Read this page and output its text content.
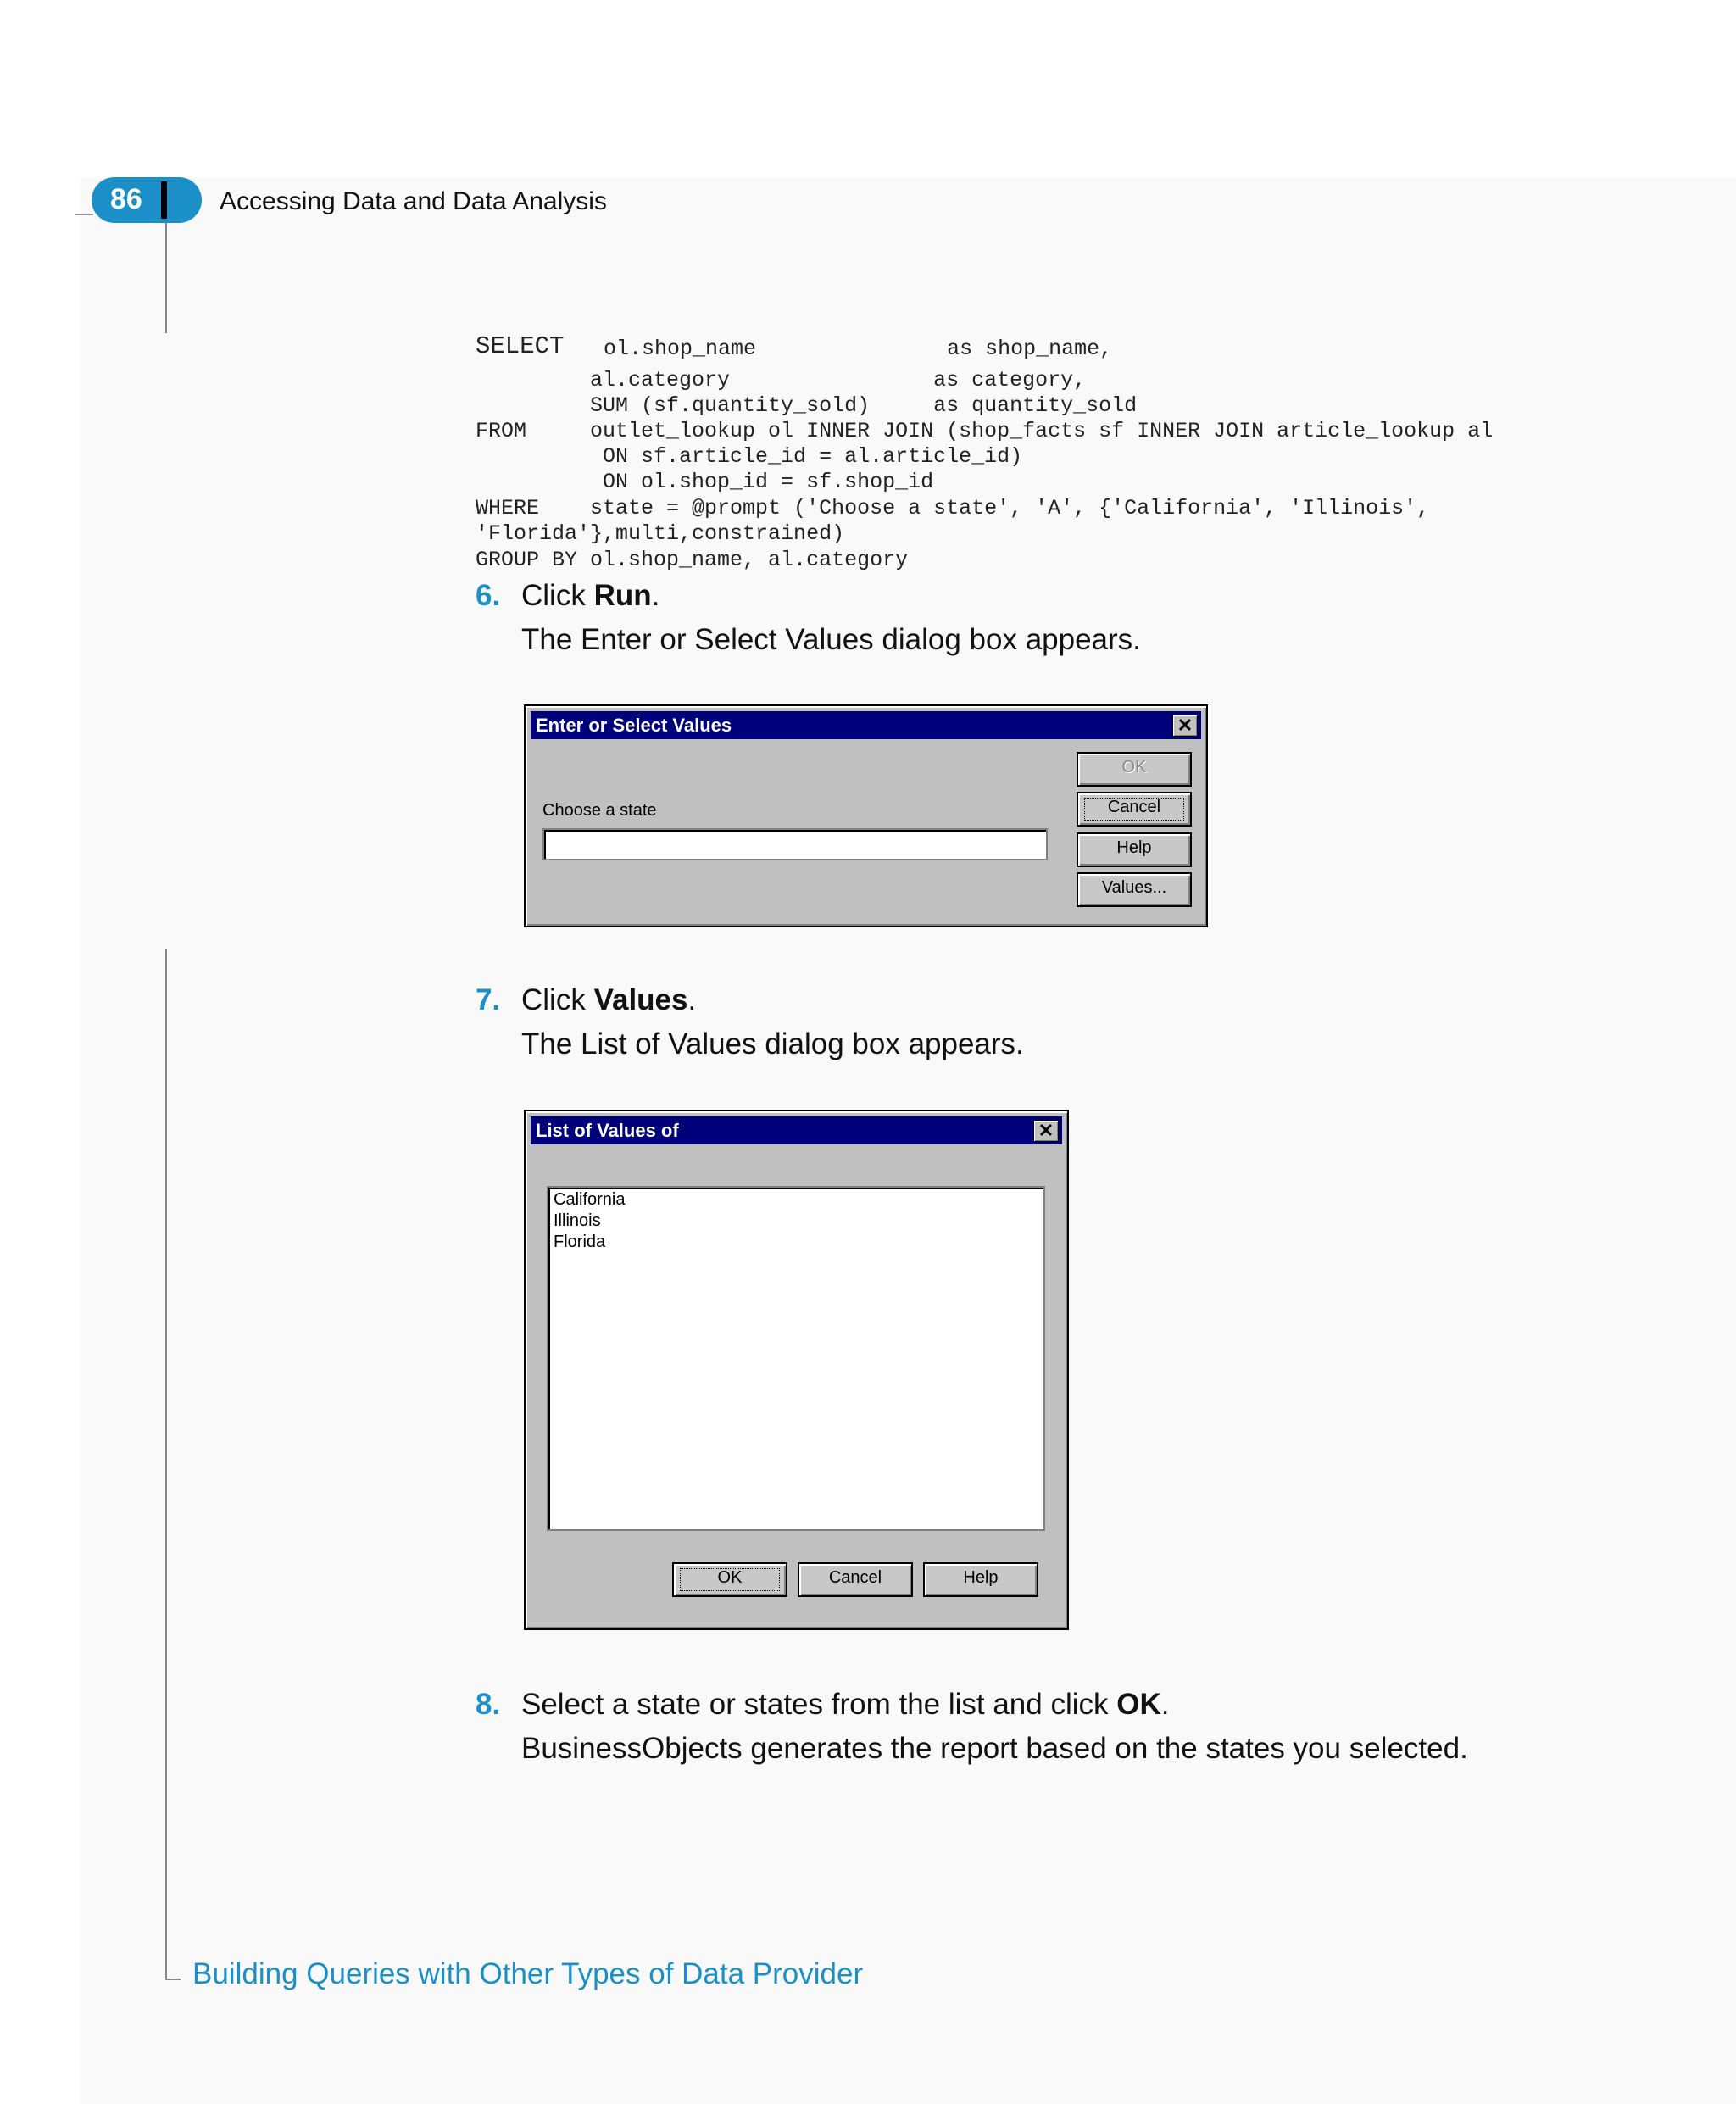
86	Accessing Data and Data Analysis
SELECT ol.shop_name               as shop_name,
al.category                as category,
SUM (sf.quantity_sold)     as quantity_sold
FROM     outlet_lookup ol INNER JOIN (shop_facts sf INNER JOIN article_lookup al
ON sf.article_id = al.article_id)
ON ol.shop_id = sf.shop_id
WHERE    state = @prompt ('Choose a state', 'A', {'California', 'Illinois',
'Florida'},multi,constrained)
GROUP BY ol.shop_name, al.category
6. Click Run.
The Enter or Select Values dialog box appears.
Enter or Select Values	✕
OK
Cancel
Help
Values...
Choose a state
7. Click Values.
The List of Values dialog box appears.
List of Values of	✕
California
Illinois
Florida
OK	Cancel	Help
8. Select a state or states from the list and click OK.
BusinessObjects generates the report based on the states you selected.
Building Queries with Other Types of Data Provider
